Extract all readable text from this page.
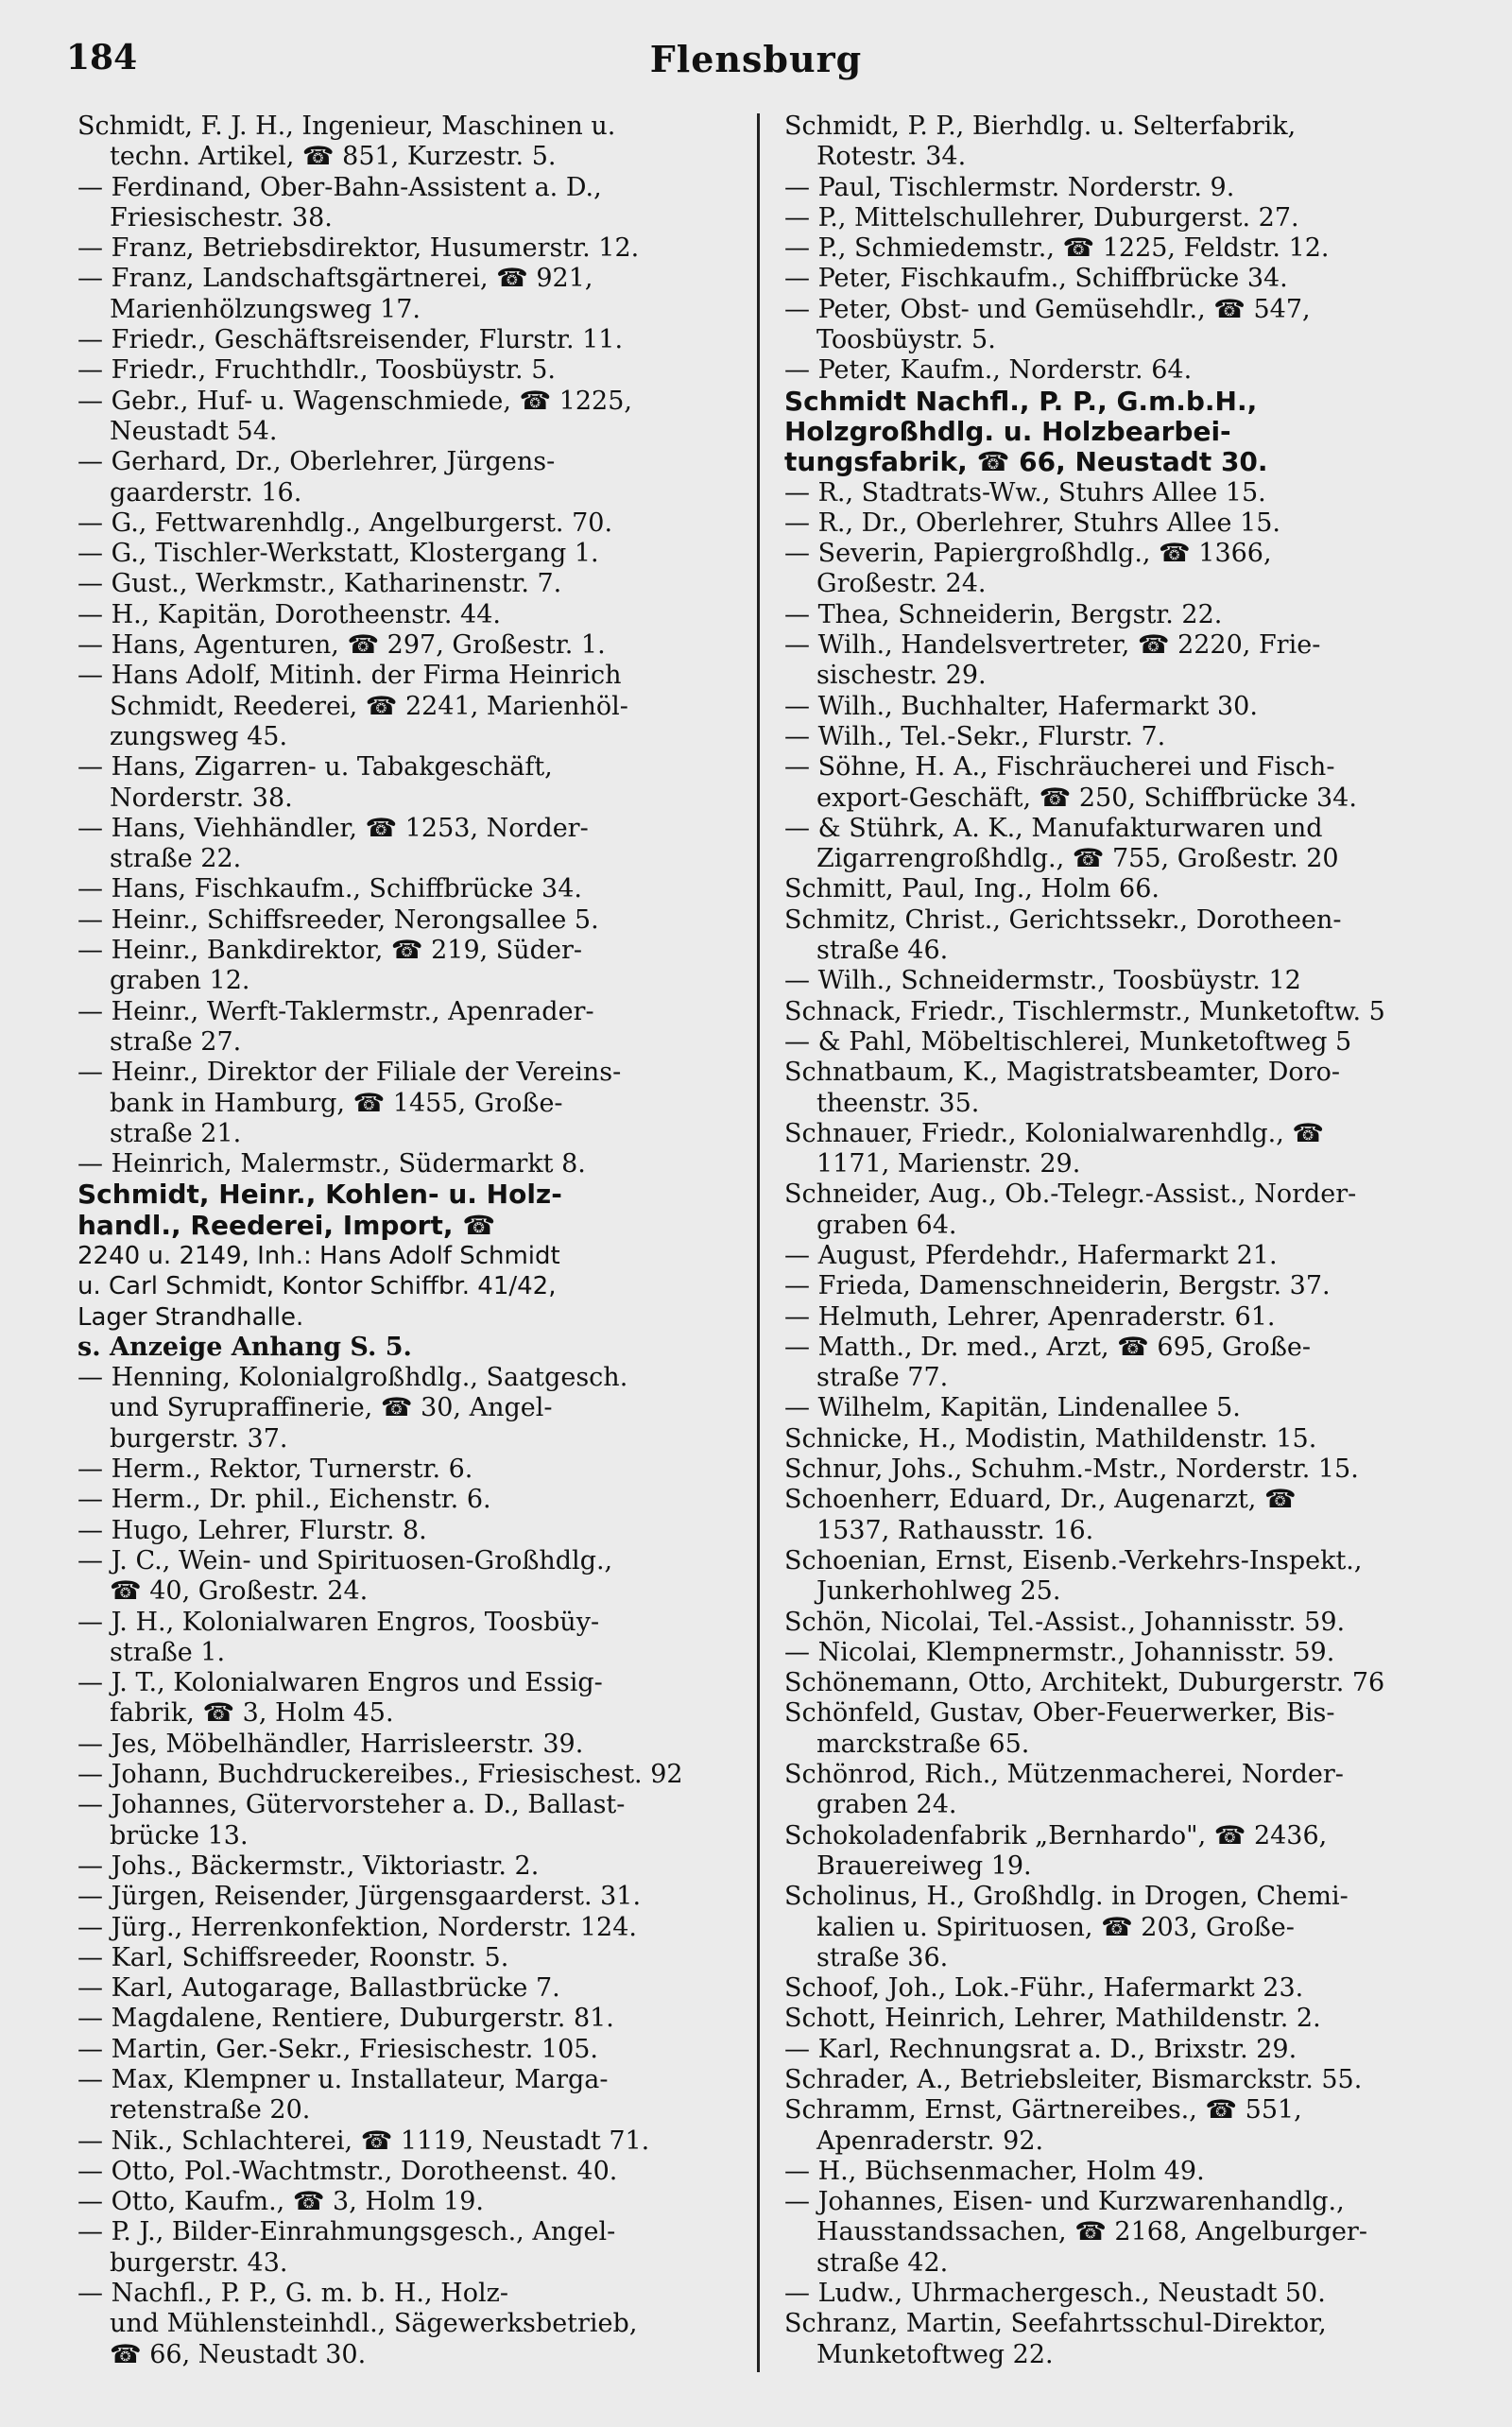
184	Flensburg
Schmidt, F. J. H., Ingenieur, Maschinen u.
techn. Artikel, ☎ 851, Kurzestr. 5.
— Ferdinand, Ober-Bahn-Assistent a. D.,
Friesischestr. 38.
— Franz, Betriebsdirektor, Husumerstr. 12.
— Franz, Landschaftsgärtnerei, ☎ 921,
Marienhölzungsweg 17.
— Friedr., Geschäftsreisender, Flurstr. 11.
— Friedr., Fruchthdlr., Toosbüystr. 5.
— Gebr., Huf- u. Wagenschmiede, ☎ 1225,
Neustadt 54.
— Gerhard, Dr., Oberlehrer, Jürgens-
gaarderstr. 16.
— G., Fettwarenhdlg., Angelburgerst. 70.
— G., Tischler-Werkstatt, Klostergang 1.
— Gust., Werkmstr., Katharinenstr. 7.
— H., Kapitän, Dorotheenstr. 44.
— Hans, Agenturen, ☎ 297, Großestr. 1.
— Hans Adolf, Mitinh. der Firma Heinrich
Schmidt, Reederei, ☎ 2241, Marienhöl-
zungsweg 45.
— Hans, Zigarren- u. Tabakgeschäft,
Norderstr. 38.
— Hans, Viehhändler, ☎ 1253, Norder-
straße 22.
— Hans, Fischkaufm., Schiffbrücke 34.
— Heinr., Schiffsreeder, Nerongsallee 5.
— Heinr., Bankdirektor, ☎ 219, Süder-
graben 12.
— Heinr., Werft-Taklermstr., Apenrader-
straße 27.
— Heinr., Direktor der Filiale der Vereins-
bank in Hamburg, ☎ 1455, Große-
straße 21.
— Heinrich, Malermstr., Südermarkt 8.
Schmidt, Heinr., Kohlen- u. Holz-
handl., Reederei, Import, ☎
2240 u. 2149, Inh.: Hans Adolf Schmidt
u. Carl Schmidt, Kontor Schiffbr. 41/42,
Lager Strandhalle.
s. Anzeige Anhang S. 5.
— Henning, Kolonialgroßhdlg., Saatgesch.
und Syrupraffinerie, ☎ 30, Angel-
burgerstr. 37.
— Herm., Rektor, Turnerstr. 6.
— Herm., Dr. phil., Eichenstr. 6.
— Hugo, Lehrer, Flurstr. 8.
— J. C., Wein- und Spirituosen-Großhdlg.,
☎ 40, Großestr. 24.
— J. H., Kolonialwaren Engros, Toosbüy-
straße 1.
— J. T., Kolonialwaren Engros und Essig-
fabrik, ☎ 3, Holm 45.
— Jes, Möbelhändler, Harrisleerstr. 39.
— Johann, Buchdruckereibes., Friesischest. 92
— Johannes, Gütervorsteher a. D., Ballast-
brücke 13.
— Johs., Bäckermstr., Viktoriastr. 2.
— Jürgen, Reisender, Jürgensgaarderst. 31.
— Jürg., Herrenkonfektion, Norderstr. 124.
— Karl, Schiffsreeder, Roonstr. 5.
— Karl, Autogarage, Ballastbrücke 7.
— Magdalene, Rentiere, Duburgerstr. 81.
— Martin, Ger.-Sekr., Friesischestr. 105.
— Max, Klempner u. Installateur, Marga-
retenstraße 20.
— Nik., Schlachterei, ☎ 1119, Neustadt 71.
— Otto, Pol.-Wachtmstr., Dorotheenst. 40.
— Otto, Kaufm., ☎ 3, Holm 19.
— P. J., Bilder-Einrahmungsgesch., Angel-
burgerstr. 43.
— Nachfl., P. P., G. m. b. H., Holz-
und Mühlensteinhdl., Sägewerksbetrieb,
☎ 66, Neustadt 30.
Schmidt, P. P., Bierhdlg. u. Selterfabrik,
Rotestr. 34.
— Paul, Tischlermstr. Norderstr. 9.
— P., Mittelschullehrer, Duburgerst. 27.
— P., Schmiedemstr., ☎ 1225, Feldstr. 12.
— Peter, Fischkaufm., Schiffbrücke 34.
— Peter, Obst- und Gemüsehdlr., ☎ 547,
Toosbüystr. 5.
— Peter, Kaufm., Norderstr. 64.
Schmidt Nachfl., P. P., G.m.b.H.,
Holzgroßhdlg. u. Holzbearbei-
tungsfabrik, ☎ 66, Neustadt 30.
— R., Stadtrats-Ww., Stuhrs Allee 15.
— R., Dr., Oberlehrer, Stuhrs Allee 15.
— Severin, Papiergroßhdlg., ☎ 1366,
Großestr. 24.
— Thea, Schneiderin, Bergstr. 22.
— Wilh., Handelsvertreter, ☎ 2220, Frie-
sischestr. 29.
— Wilh., Buchhalter, Hafermarkt 30.
— Wilh., Tel.-Sekr., Flurstr. 7.
— Söhne, H. A., Fischräucherei und Fisch-
export-Geschäft, ☎ 250, Schiffbrücke 34.
— & Stührk, A. K., Manufakturwaren und
Zigarrengroßhdlg., ☎ 755, Großestr. 20
Schmitt, Paul, Ing., Holm 66.
Schmitz, Christ., Gerichtssekr., Dorotheen-
straße 46.
— Wilh., Schneidermstr., Toosbüystr. 12
Schnack, Friedr., Tischlermstr., Munketoftw. 5
— & Pahl, Möbeltischlerei, Munketoftweg 5
Schnatbaum, K., Magistratsbeamter, Doro-
theenstr. 35.
Schnauer, Friedr., Kolonialwarenhdlg., ☎
1171, Marienstr. 29.
Schneider, Aug., Ob.-Telegr.-Assist., Norder-
graben 64.
— August, Pferdehdr., Hafermarkt 21.
— Frieda, Damenschneiderin, Bergstr. 37.
— Helmuth, Lehrer, Apenraderstr. 61.
— Matth., Dr. med., Arzt, ☎ 695, Große-
straße 77.
— Wilhelm, Kapitän, Lindenallee 5.
Schnicke, H., Modistin, Mathildenstr. 15.
Schnur, Johs., Schuhm.-Mstr., Norderstr. 15.
Schoenherr, Eduard, Dr., Augenarzt, ☎
1537, Rathausstr. 16.
Schoenian, Ernst, Eisenb.-Verkehrs-Inspekt.,
Junkerhohlweg 25.
Schön, Nicolai, Tel.-Assist., Johannisstr. 59.
— Nicolai, Klempnermstr., Johannisstr. 59.
Schönemann, Otto, Architekt, Duburgerstr. 76
Schönfeld, Gustav, Ober-Feuerwerker, Bis-
marckstraße 65.
Schönrod, Rich., Mützenmacherei, Norder-
graben 24.
Schokoladenfabrik „Bernhardo", ☎ 2436,
Brauereiweg 19.
Scholinus, H., Großhdlg. in Drogen, Chemi-
kalien u. Spirituosen, ☎ 203, Große-
straße 36.
Schoof, Joh., Lok.-Führ., Hafermarkt 23.
Schott, Heinrich, Lehrer, Mathildenstr. 2.
— Karl, Rechnungsrat a. D., Brixstr. 29.
Schrader, A., Betriebsleiter, Bismarckstr. 55.
Schramm, Ernst, Gärtnereibes., ☎ 551,
Apenraderstr. 92.
— H., Büchsenmacher, Holm 49.
— Johannes, Eisen- und Kurzwarenhandlg.,
Hausstandssachen, ☎ 2168, Angelburger-
straße 42.
— Ludw., Uhrmachergesch., Neustadt 50.
Schranz, Martin, Seefahrtsschul-Direktor,
Munketoftweg 22.
